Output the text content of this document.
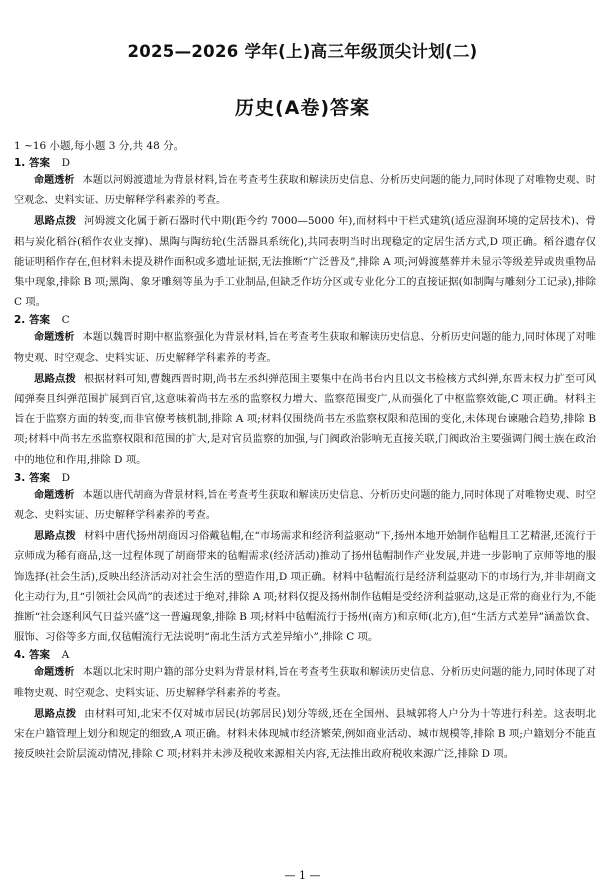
2025—2026 学年(上)高三年级顶尖计划(二)
历史(A卷)答案
1 ~16 小题,每小题 3 分,共 48 分。
1. 答案 D

命题透析 本题以河姆渡遗址为背景材料,旨在考查考生获取和解读历史信息、分析历史问题的能力,同时体现了对唯物史观、时空观念、史料实证、历史解释学科素养的考查。

思路点拨 河姆渡文化属于新石器时代中期(距今约 7000—5000 年),而材料中干栏式建筑(适应湿润环境的定居技术)、骨耜与炭化稻谷(稻作农业支撑)、黑陶与陶纺轮(生活器具系统化),共同表明当时出现稳定的定居生活方式,D 项正确。稻谷遗存仅能证明稻作存在,但材料未提及耕作面积或多遗址证据,无法推断“广泛普及”,排除 A 项;河姆渡墓葬并未显示等级差异或贵重物品集中现象,排除 B 项;黑陶、象牙雕刻等虽为手工业制品,但缺乏作坊分区或专业化分工的直接证据(如制陶与雕刻分工记录),排除 C 项。

2. 答案 C

命题透析 本题以魏晋时期中枢监察强化为背景材料,旨在考查考生获取和解读历史信息、分析历史问题的能力,同时体现了对唯物史观、时空观念、史料实证、历史解释学科素养的考查。

思路点拨 根据材料可知,曹魏西晋时期,尚书左丞纠弹范围主要集中在尚书台内且以文书检核方式纠弹,东晋末权力扩至可风闻弹奏且纠弹范围扩展到百官,这意味着尚书左丞的监察权力增大、监察范围变广,从而强化了中枢监察效能,C 项正确。材料主旨在于监察方面的转变,而非官僚考核机制,排除 A 项;材料仅围绕尚书左丞监察权限和范围的变化,未体现台谏融合趋势,排除 B 项;材料中尚书左丞监察权限和范围的扩大,是对官员监察的加强,与门阀政治影响无直接关联,门阀政治主要强调门阀士族在政治中的地位和作用,排除 D 项。

3. 答案 D

命题透析 本题以唐代胡商为背景材料,旨在考查考生获取和解读历史信息、分析历史问题的能力,同时体现了对唯物史观、时空观念、史料实证、历史解释学科素养的考查。

思路点拨 材料中唐代扬州胡商因习俗戴毡帽,在“市场需求和经济利益驱动”下,扬州本地开始制作毡帽且工艺精湛,还流行于京师成为稀有商品,这一过程体现了胡商带来的毡帽需求(经济活动)推动了扬州毡帽制作产业发展,并进一步影响了京师等地的服饰选择(社会生活),反映出经济活动对社会生活的塑造作用,D 项正确。材料中毡帽流行是经济利益驱动下的市场行为,并非胡商文化主动行为,且“引领社会风尚”的表述过于绝对,排除 A 项;材料仅提及扬州制作毡帽是受经济利益驱动,这是正常的商业行为,不能推断“社会逐利风气日益兴盛”这一普遍现象,排除 B 项;材料中毡帽流行于扬州(南方)和京师(北方),但“生活方式差异”涵盖饮食、服饰、习俗等多方面,仅毡帽流行无法说明“南北生活方式差异缩小”,排除 C 项。

4. 答案 A

命题透析 本题以北宋时期户籍的部分史料为背景材料,旨在考查考生获取和解读历史信息、分析历史问题的能力,同时体现了对唯物史观、时空观念、史料实证、历史解释学科素养的考查。

思路点拨 由材料可知,北宋不仅对城市居民(坊郭居民)划分等级,还在全国州、县城郭将人户分为十等进行科差。这表明北宋在户籍管理上划分和规定的细致,A 项正确。材料未体现城市经济繁荣,例如商业活动、城市规模等,排除 B 项;户籍划分不能直接反映社会阶层流动情况,排除 C 项;材料并未涉及税收来源相关内容,无法推出政府税收来源广泛,排除 D 项。

— 1 —
